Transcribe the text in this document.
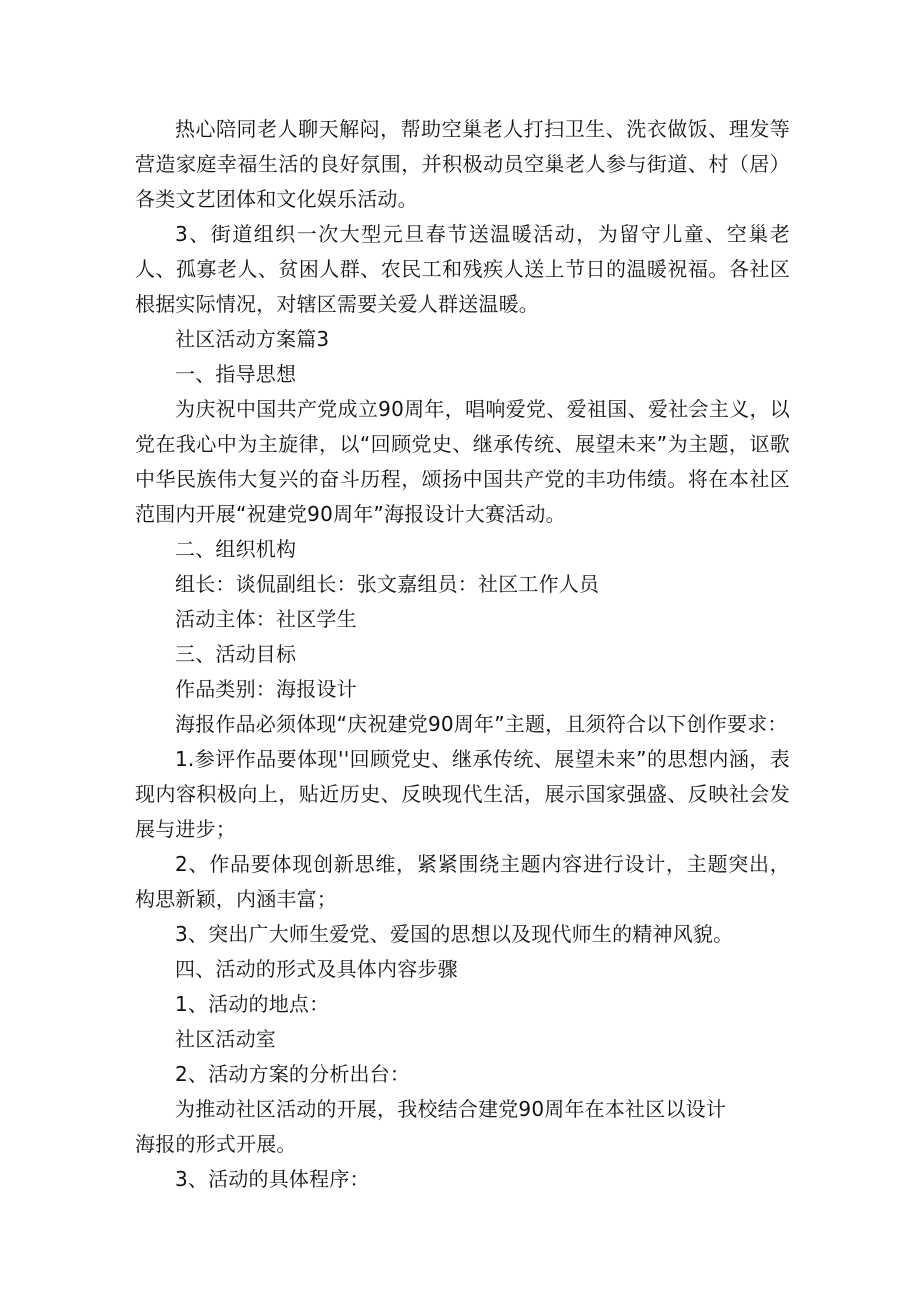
热心陪同老人聊天解闷，帮助空巢老人打扫卫生、洗衣做饭、理发等营造家庭幸福生活的良好氛围，并积极动员空巢老人参与街道、村（居）各类文艺团体和文化娱乐活动。

3、街道组织一次大型元旦春节送温暖活动，为留守儿童、空巢老人、孤寡老人、贫困人群、农民工和残疾人送上节日的温暖祝福。各社区根据实际情况，对辖区需要关爱人群送温暖。

社区活动方案篇3

一、指导思想

为庆祝中国共产党成立90周年，唱响爱党、爱祖国、爱社会主义，以党在我心中为主旋律，以“回顾党史、继承传统、展望未来”为主题，讴歌中华民族伟大复兴的奋斗历程，颂扬中国共产党的丰功伟绩。将在本社区范围内开展“祝建党90周年”海报设计大赛活动。

二、组织机构

组长：谈侃副组长：张文嘉组员：社区工作人员

活动主体：社区学生

三、活动目标

作品类别：海报设计

海报作品必须体现“庆祝建党90周年”主题，且须符合以下创作要求：

1.参评作品要体现''回顾党史、继承传统、展望未来”的思想内涵，表现内容积极向上，贴近历史、反映现代生活，展示国家强盛、反映社会发展与进步；

2、作品要体现创新思维，紧紧围绕主题内容进行设计，主题突出，构思新颖，内涵丰富；

3、突出广大师生爱党、爱国的思想以及现代师生的精神风貌。

四、活动的形式及具体内容步骤

1、活动的地点：

社区活动室

2、活动方案的分析出台：

为推动社区活动的开展，我校结合建党90周年在本社区以设计

海报的形式开展。

3、活动的具体程序：
